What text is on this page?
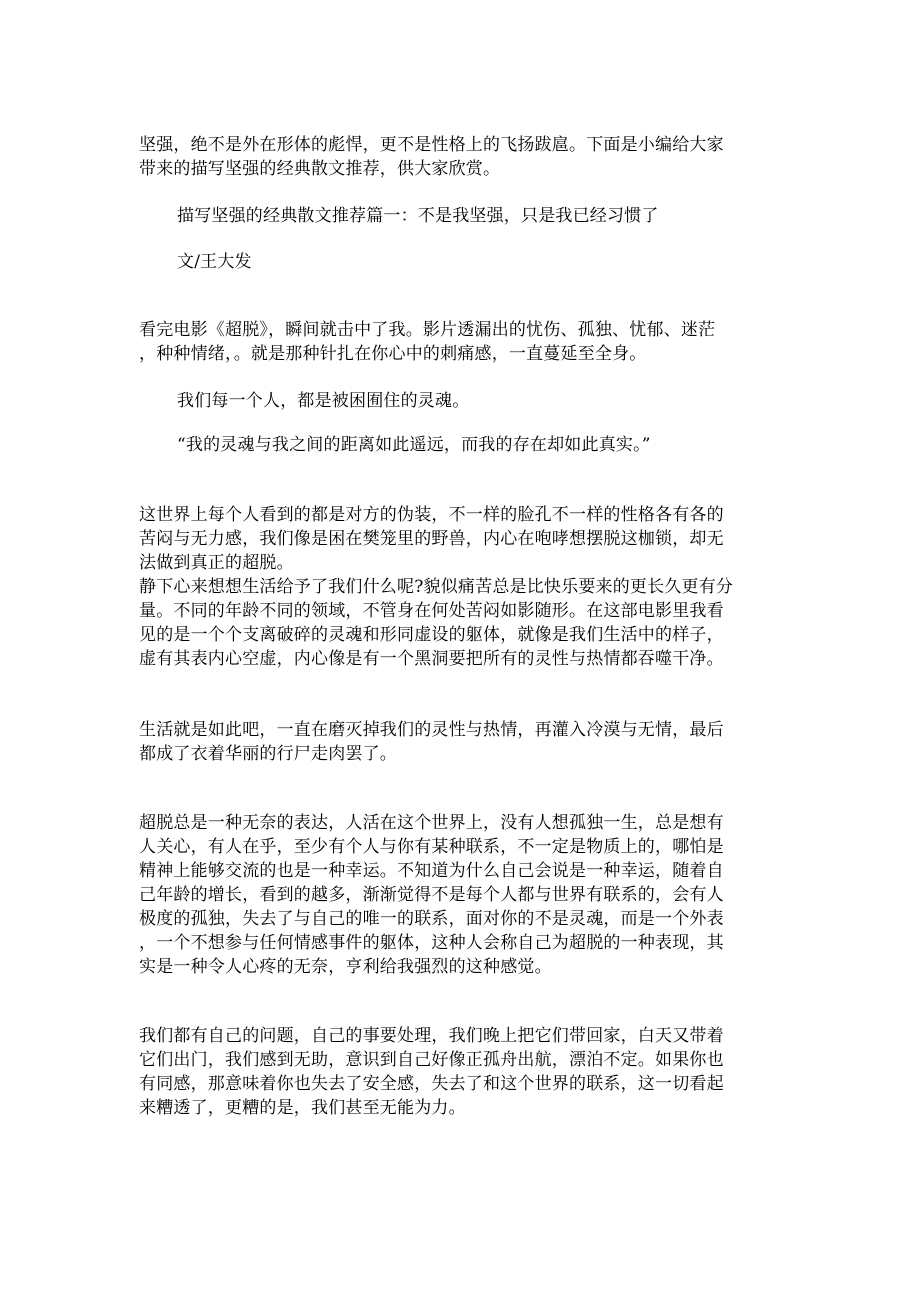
坚强，绝不是外在形体的彪悍，更不是性格上的飞扬跋扈。下面是小编给大家
带来的描写坚强的经典散文推荐，供大家欣赏。

描写坚强的经典散文推荐篇一：不是我坚强，只是我已经习惯了

文/王大发

看完电影《超脱》，瞬间就击中了我。影片透漏出的忧伤、孤独、忧郁、迷茫
，种种情绪，。就是那种针扎在你心中的刺痛感，一直蔓延至全身。

我们每一个人，都是被困囿住的灵魂。

“我的灵魂与我之间的距离如此遥远，而我的存在却如此真实。”

这世界上每个人看到的都是对方的伪装，不一样的脸孔不一样的性格各有各的
苦闷与无力感，我们像是困在樊笼里的野兽，内心在咆哮想摆脱这枷锁，却无
法做到真正的超脱。
静下心来想想生活给予了我们什么呢?貌似痛苦总是比快乐要来的更长久更有分
量。不同的年龄不同的领域，不管身在何处苦闷如影随形。在这部电影里我看
见的是一个个支离破碎的灵魂和形同虚设的躯体，就像是我们生活中的样子，
虚有其表内心空虚，内心像是有一个黑洞要把所有的灵性与热情都吞噬干净。

生活就是如此吧，一直在磨灭掉我们的灵性与热情，再灌入冷漠与无情，最后
都成了衣着华丽的行尸走肉罢了。

超脱总是一种无奈的表达，人活在这个世界上，没有人想孤独一生，总是想有
人关心，有人在乎，至少有个人与你有某种联系，不一定是物质上的，哪怕是
精神上能够交流的也是一种幸运。不知道为什么自己会说是一种幸运，随着自
己年龄的增长，看到的越多，渐渐觉得不是每个人都与世界有联系的，会有人
极度的孤独，失去了与自己的唯一的联系，面对你的不是灵魂，而是一个外表
，一个不想参与任何情感事件的躯体，这种人会称自己为超脱的一种表现，其
实是一种令人心疼的无奈，亨利给我强烈的这种感觉。

我们都有自己的问题，自己的事要处理，我们晚上把它们带回家，白天又带着
它们出门，我们感到无助，意识到自己好像正孤舟出航，漂泊不定。如果你也
有同感，那意味着你也失去了安全感，失去了和这个世界的联系，这一切看起
来糟透了，更糟的是，我们甚至无能为力。
